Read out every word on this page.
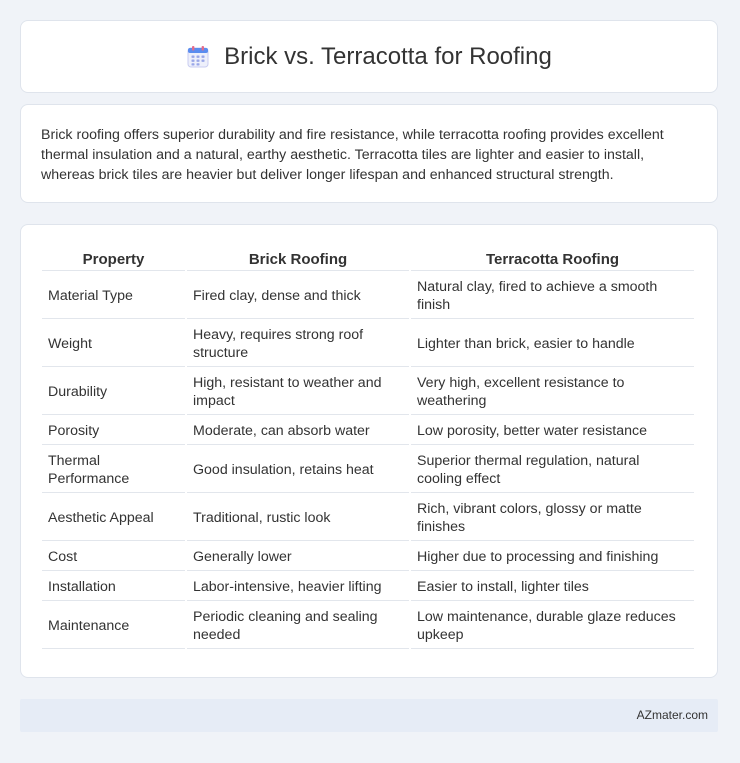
Brick vs. Terracotta for Roofing

Brick roofing offers superior durability and fire resistance, while terracotta roofing provides excellent thermal insulation and a natural, earthy aesthetic. Terracotta tiles are lighter and easier to install, whereas brick tiles are heavier but deliver longer lifespan and enhanced structural strength.

Property	Brick Roofing	Terracotta Roofing
Material Type	Fired clay, dense and thick	Natural clay, fired to achieve a smooth finish
Weight	Heavy, requires strong roof structure	Lighter than brick, easier to handle
Durability	High, resistant to weather and impact	Very high, excellent resistance to weathering
Porosity	Moderate, can absorb water	Low porosity, better water resistance
Thermal Performance	Good insulation, retains heat	Superior thermal regulation, natural cooling effect
Aesthetic Appeal	Traditional, rustic look	Rich, vibrant colors, glossy or matte finishes
Cost	Generally lower	Higher due to processing and finishing
Installation	Labor-intensive, heavier lifting	Easier to install, lighter tiles
Maintenance	Periodic cleaning and sealing needed	Low maintenance, durable glaze reduces upkeep
AZmater.com
